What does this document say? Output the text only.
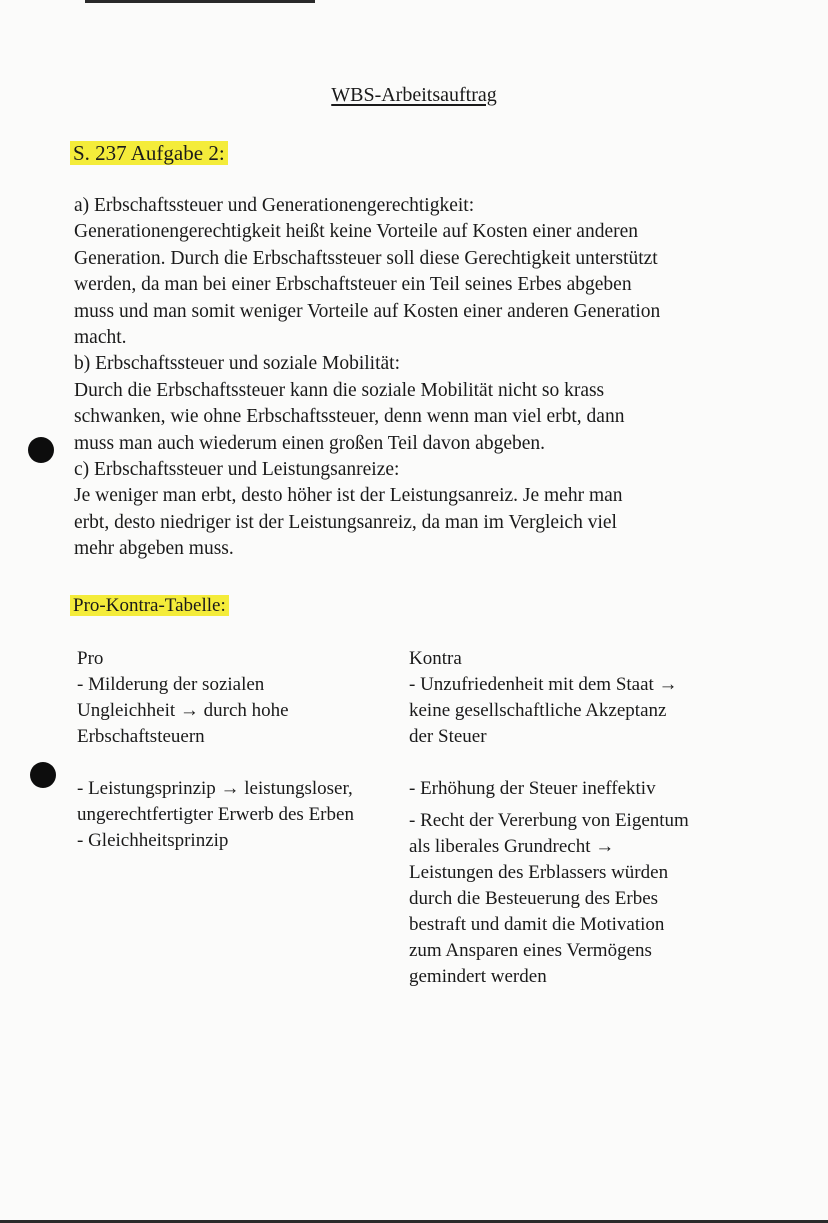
WBS-Arbeitsauftrag
S. 237 Aufgabe 2:
a) Erbschaftssteuer und Generationengerechtigkeit:
Generationengerechtigkeit heißt keine Vorteile auf Kosten einer anderen
Generation. Durch die Erbschaftssteuer soll diese Gerechtigkeit unterstützt
werden, da man bei einer Erbschaftsteuer ein Teil seines Erbes abgeben
muss und man somit weniger Vorteile auf Kosten einer anderen Generation
macht.
b) Erbschaftssteuer und soziale Mobilität:
Durch die Erbschaftssteuer kann die soziale Mobilität nicht so krass
schwanken, wie ohne Erbschaftssteuer, denn wenn man viel erbt, dann
muss man auch wiederum einen großen Teil davon abgeben.
c) Erbschaftssteuer und Leistungsanreize:
Je weniger man erbt, desto höher ist der Leistungsanreiz. Je mehr man
erbt, desto niedriger ist der Leistungsanreiz, da man im Vergleich viel
mehr abgeben muss.
Pro-Kontra-Tabelle:
Pro
- Milderung der sozialen
Ungleichheit → durch hohe
Erbschaftsteuern
- Leistungsprinzip → leistungsloser,
ungerechtfertigter Erwerb des Erben
- Gleichheitsprinzip
Kontra
- Unzufriedenheit mit dem Staat →
keine gesellschaftliche Akzeptanz
der Steuer
- Erhöhung der Steuer ineffektiv
- Recht der Vererbung von Eigentum
als liberales Grundrecht →
Leistungen des Erblassers würden
durch die Besteuerung des Erbes
bestraft und damit die Motivation
zum Ansparen eines Vermögens
gemindert werden
